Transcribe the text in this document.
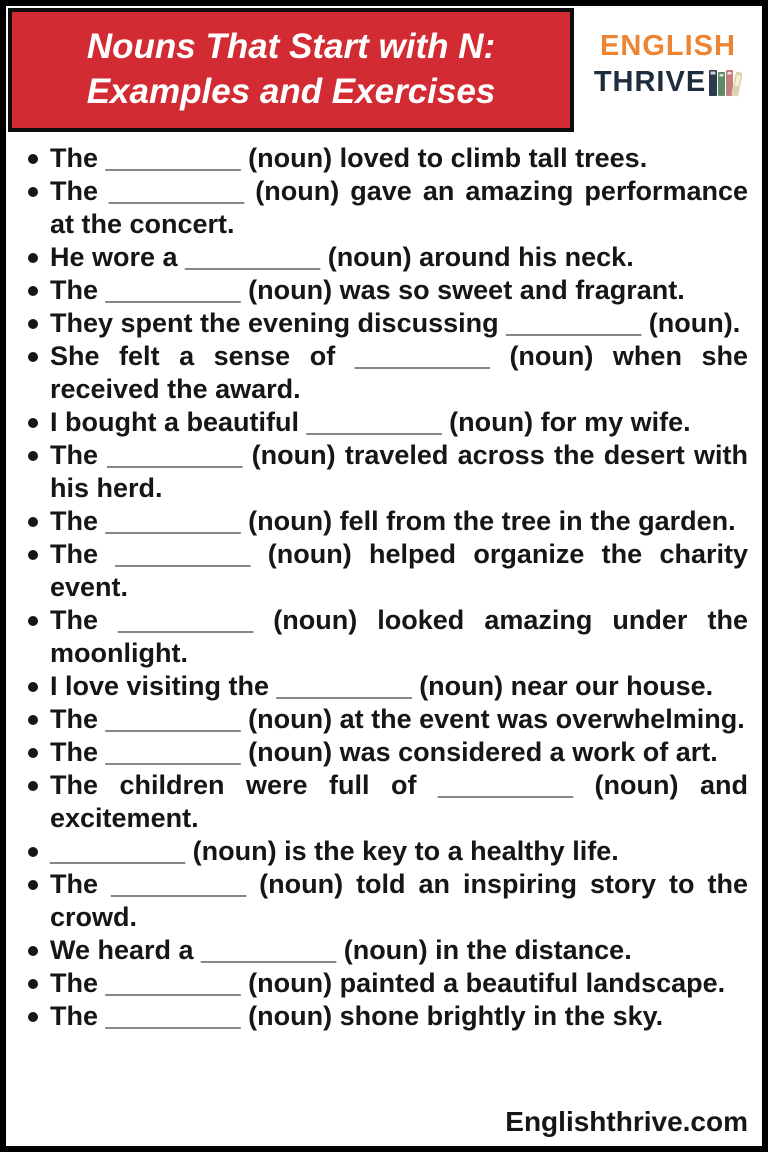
Nouns That Start with N:
Examples and Exercises
ENGLISH
THRIVE
The _________ (noun) loved to climb tall trees.
The _________ (noun) gave an amazing performance at the concert.
He wore a _________ (noun) around his neck.
The _________ (noun) was so sweet and fragrant.
They spent the evening discussing _________ (noun).
She felt a sense of _________ (noun) when she received the award.
I bought a beautiful _________ (noun) for my wife.
The _________ (noun) traveled across the desert with his herd.
The _________ (noun) fell from the tree in the garden.
The _________ (noun) helped organize the charity event.
The _________ (noun) looked amazing under the moonlight.
I love visiting the _________ (noun) near our house.
The _________ (noun) at the event was overwhelming.
The _________ (noun) was considered a work of art.
The children were full of _________ (noun) and excitement.
_________ (noun) is the key to a healthy life.
The _________ (noun) told an inspiring story to the crowd.
We heard a _________ (noun) in the distance.
The _________ (noun) painted a beautiful landscape.
The _________ (noun) shone brightly in the sky.
Englishthrive.com
